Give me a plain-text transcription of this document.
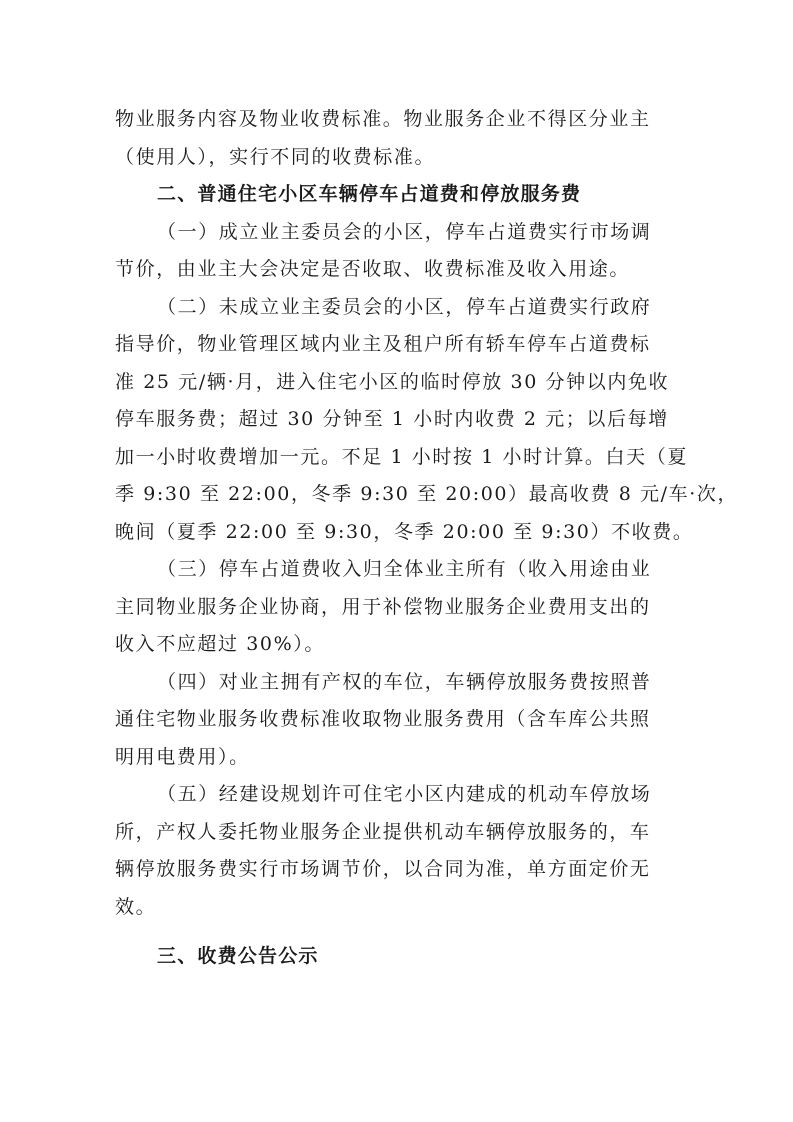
物业服务内容及物业收费标准。物业服务企业不得区分业主
（使用人），实行不同的收费标准。
二、普通住宅小区车辆停车占道费和停放服务费
（一）成立业主委员会的小区，停车占道费实行市场调
节价，由业主大会决定是否收取、收费标准及收入用途。
（二）未成立业主委员会的小区，停车占道费实行政府
指导价，物业管理区域内业主及租户所有轿车停车占道费标
准 25 元/辆·月，进入住宅小区的临时停放 30 分钟以内免收
停车服务费；超过 30 分钟至 1 小时内收费 2 元；以后每增
加一小时收费增加一元。不足 1 小时按 1 小时计算。白天（夏
季 9:30 至 22:00，冬季 9:30 至 20:00）最高收费 8 元/车·次，
晚间（夏季 22:00 至 9:30，冬季 20:00 至 9:30）不收费。
（三）停车占道费收入归全体业主所有（收入用途由业
主同物业服务企业协商，用于补偿物业服务企业费用支出的
收入不应超过 30%）。
（四）对业主拥有产权的车位，车辆停放服务费按照普
通住宅物业服务收费标准收取物业服务费用（含车库公共照
明用电费用）。
（五）经建设规划许可住宅小区内建成的机动车停放场
所，产权人委托物业服务企业提供机动车辆停放服务的，车
辆停放服务费实行市场调节价，以合同为准，单方面定价无
效。
三、收费公告公示
